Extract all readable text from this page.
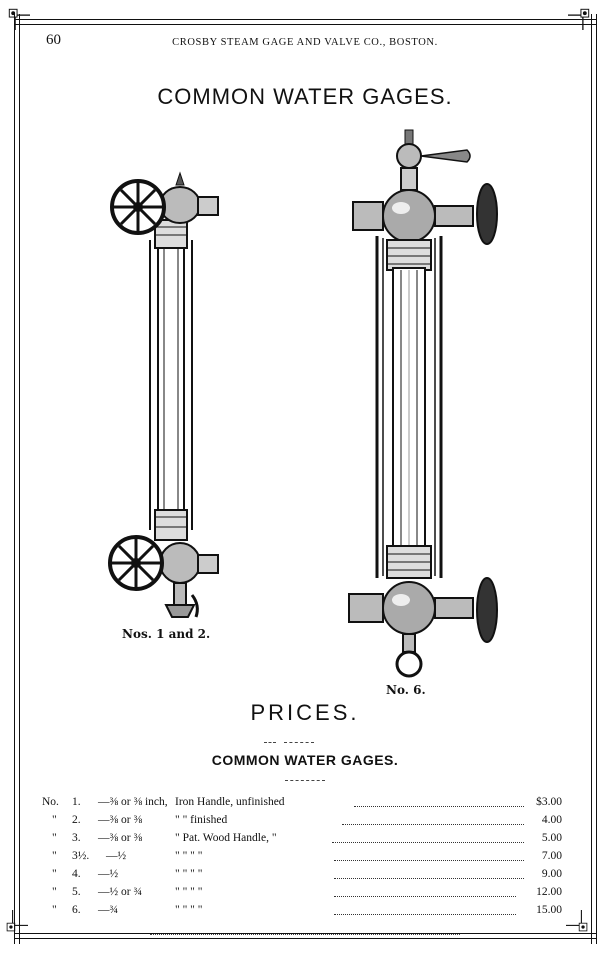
60	CROSBY STEAM GAGE AND VALVE CO., BOSTON.
COMMON WATER GAGES.
Nos. 1 and 2.
No. 6.
PRICES.
COMMON WATER GAGES.
No.	1. —⅜ or ⅜ inch, Iron Handle, unfinished	$3.00
"	2. —⅜ or ⅜	" " finished	4.00
"	3. —⅜ or ⅜	" Pat. Wood Handle, "	5.00
"	3½. —½	" " " "	7.00
"	4. —½	" " " "	9.00
"	5. —½ or ¾	" " " "	12.00
"	6. —¾	" " " "	15.00
